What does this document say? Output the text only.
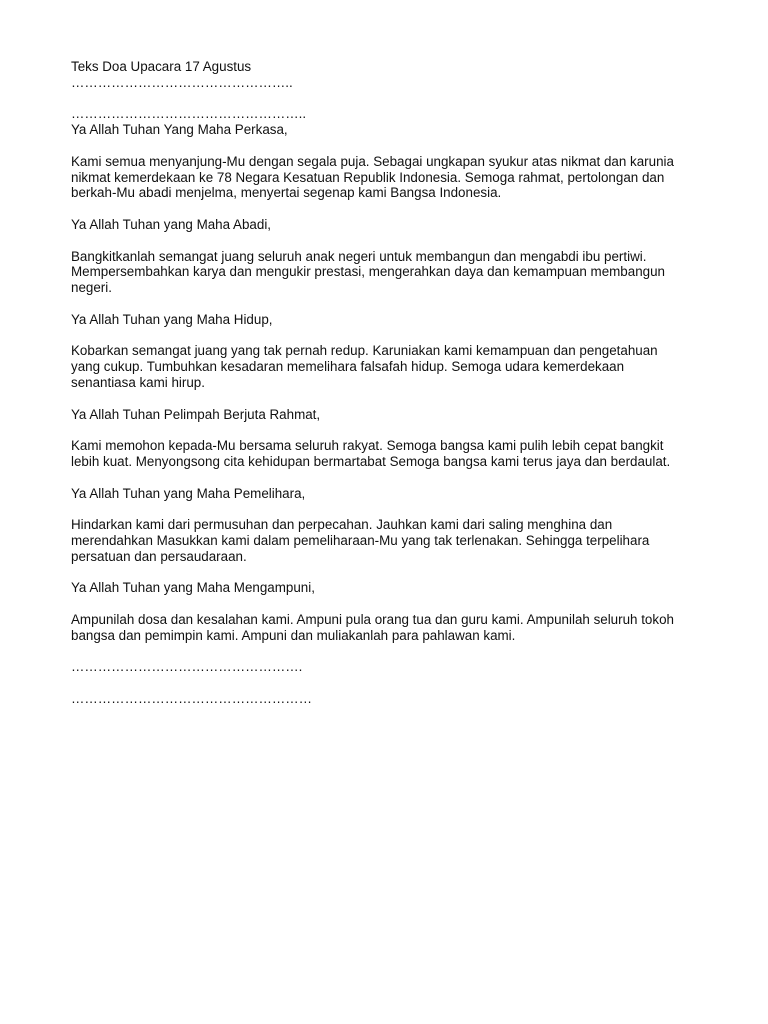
Teks Doa Upacara 17 Agustus
…………………………………………..
……………………………………………..
Ya Allah Tuhan Yang Maha Perkasa,
Kami semua menyanjung-Mu dengan segala puja. Sebagai ungkapan syukur atas nikmat dan karunia
nikmat kemerdekaan ke 78 Negara Kesatuan Republik Indonesia. Semoga rahmat, pertolongan dan
berkah-Mu abadi menjelma, menyertai segenap kami Bangsa Indonesia.
Ya Allah Tuhan yang Maha Abadi,
Bangkitkanlah semangat juang seluruh anak negeri untuk membangun dan mengabdi ibu pertiwi.
Mempersembahkan karya dan mengukir prestasi, mengerahkan daya dan kemampuan membangun
negeri.
Ya Allah Tuhan yang Maha Hidup,
Kobarkan semangat juang yang tak pernah redup. Karuniakan kami kemampuan dan pengetahuan
yang cukup. Tumbuhkan kesadaran memelihara falsafah hidup. Semoga udara kemerdekaan
senantiasa kami hirup.
Ya Allah Tuhan Pelimpah Berjuta Rahmat,
Kami memohon kepada-Mu bersama seluruh rakyat. Semoga bangsa kami pulih lebih cepat bangkit
lebih kuat. Menyongsong cita kehidupan bermartabat Semoga bangsa kami terus jaya dan berdaulat.
Ya Allah Tuhan yang Maha Pemelihara,
Hindarkan kami dari permusuhan dan perpecahan. Jauhkan kami dari saling menghina dan
merendahkan Masukkan kami dalam pemeliharaan-Mu yang tak terlenakan. Sehingga terpelihara
persatuan dan persaudaraan.
Ya Allah Tuhan yang Maha Mengampuni,
Ampunilah dosa dan kesalahan kami. Ampuni pula orang tua dan guru kami. Ampunilah seluruh tokoh
bangsa dan pemimpin kami. Ampuni dan muliakanlah para pahlawan kami.
…………………………………………….
………………………………………………
